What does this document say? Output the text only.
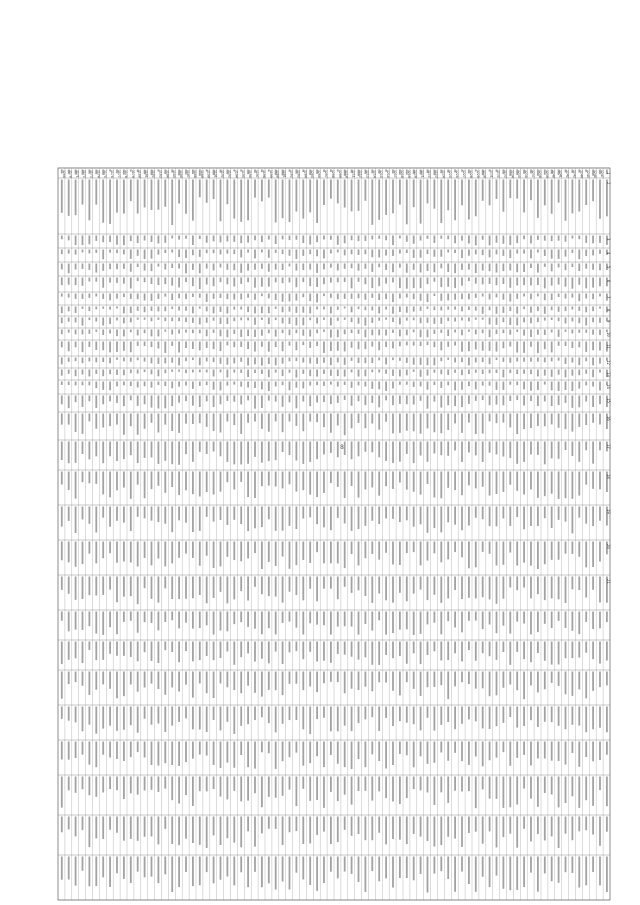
8
1
2
3
4
5
6
7
8
9
10
11
12
13
14
15
16
17
18
19
20
21
1266 1170 1171 1172 1173 1174 1175 1176 1177 1178 1179 1180 1181 1182 1183 1184 1185 1186 1187 1188 1189 1190 1191 1192 1193 1194 1195 1196 1197 1198 1199 1200 1201 1202 1203 1204 1205 1206 1207 1208 1209 1210 1211 1212 1213 1214 1215 1216 1217 1218 1219 1220 1221 1222 1223 1224 1225 1226 1227 1228 1229 1230 1231 1232 1233 1234 1235 1236 1237 1238 1239 1240 1241 1242 1243 1244 1245 1246 1247
